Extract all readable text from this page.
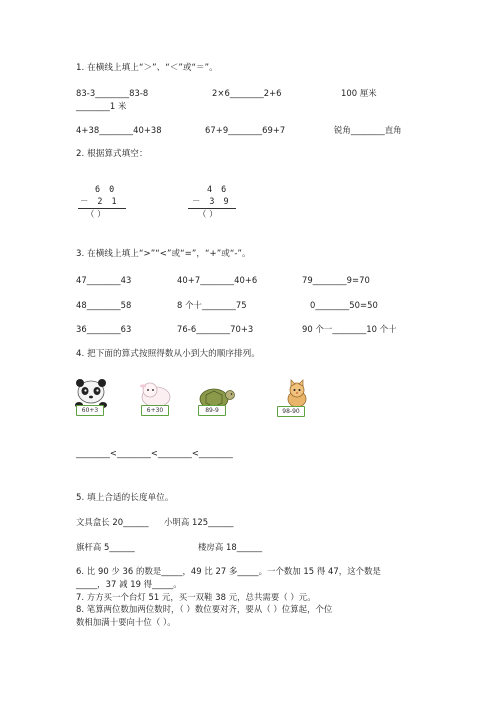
1. 在横线上填上“＞”、“＜”或“＝”。
83-3________83-8	2×6________2+6	100 厘米
________1 米
4+38________40+38	67+9________69+7	锐角________直角
2. 根据算式填空：
6 0
－ 2 1
（ ）
4 6
－ 3 9
（ ）
3. 在横线上填上“>”“<”或“=”，“+”或“-”。
47________43	40+7________40+6	79________9=70
48________58	8 个十________75	0________50=50
36________63	76-6________70+3	90 个一________10 个十
4. 把下面的算式按照得数从小到大的顺序排列。
60+3	6+30	89-9	98-90
________<________<________<________
5. 填上合适的长度单位。
文具盒长 20______ 小明高 125______
旗杆高 5______	楼房高 18______
6. 比 90 少 36 的数是_____，49 比 27 多_____。一个数加 15 得 47，这个数是
_____，37 减 19 得_____。
7. 方方买一个台灯 51 元，买一双鞋 38 元，总共需要（ ）元。
8. 笔算两位数加两位数时，（ ）数位要对齐，要从（ ）位算起，个位
数相加满十要向十位（ ）。
